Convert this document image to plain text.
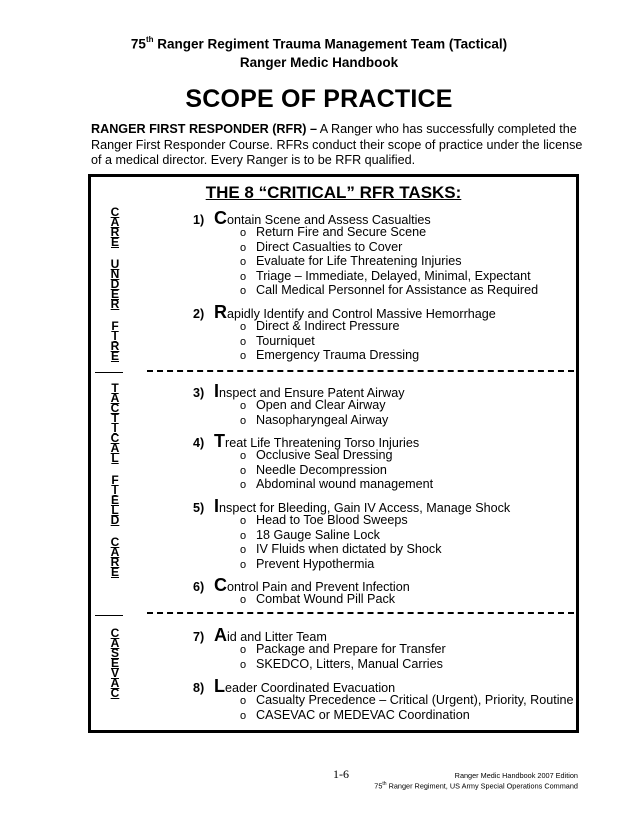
75th Ranger Regiment Trauma Management Team (Tactical)
Ranger Medic Handbook
SCOPE OF PRACTICE
RANGER FIRST RESPONDER (RFR) – A Ranger who has successfully completed the Ranger First Responder Course. RFRs conduct their scope of practice under the license of a medical director. Every Ranger is to be RFR qualified.
THE 8 “CRITICAL” RFR TASKS:
C
A
R
E
U
N
D
E
R
F
I
R
E
T
A
C
T
I
C
A
L
F
I
E
L
D
C
A
R
E
C
A
S
E
V
A
C
1) Contain Scene and Assess Casualties
o Return Fire and Secure Scene
o Direct Casualties to Cover
o Evaluate for Life Threatening Injuries
o Triage – Immediate, Delayed, Minimal, Expectant
o Call Medical Personnel for Assistance as Required
2) Rapidly Identify and Control Massive Hemorrhage
o Direct & Indirect Pressure
o Tourniquet
o Emergency Trauma Dressing
3) Inspect and Ensure Patent Airway
o Open and Clear Airway
o Nasopharyngeal Airway
4) Treat Life Threatening Torso Injuries
o Occlusive Seal Dressing
o Needle Decompression
o Abdominal wound management
5) Inspect for Bleeding, Gain IV Access, Manage Shock
o Head to Toe Blood Sweeps
o 18 Gauge Saline Lock
o IV Fluids when dictated by Shock
o Prevent Hypothermia
6) Control Pain and Prevent Infection
o Combat Wound Pill Pack
7) Aid and Litter Team
o Package and Prepare for Transfer
o SKEDCO, Litters, Manual Carries
8) Leader Coordinated Evacuation
o Casualty Precedence – Critical (Urgent), Priority, Routine
o CASEVAC or MEDEVAC Coordination
1-6	Ranger Medic Handbook 2007 Edition
75th Ranger Regiment, US Army Special Operations Command
